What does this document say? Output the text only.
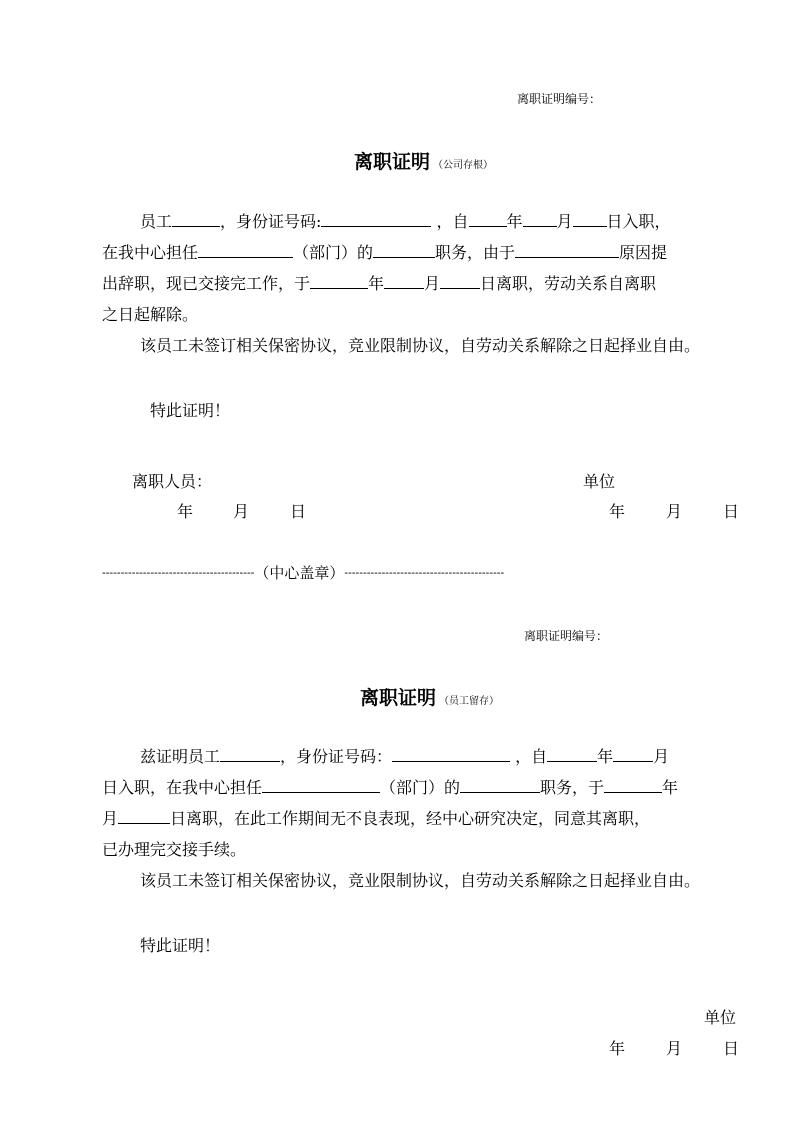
离职证明编号：
离职证明 （公司存根）

员工	，身份证号码:	，自 年 月 日入职，

在我中心担任	（部门）的	职务，由于	原因提

出辞职，现已交接完工作，于	年	月	日离职，劳动关系自离职

之日起解除。

该员工未签订相关保密协议，竞业限制协议，自劳动关系解除之日起择业自由。

特此证明！
离职人员：	单位
年 月	日	年	月	日
----------------------------------------- （中心盖章） -------------------------------------------
离职证明编号：
离职证明 （员工留存）

兹证明员工	，身份证号码：	，自	年	月

日入职，在我中心担任	（部门）的	职务，于	年

月	日离职，在此工作期间无不良表现，经中心研究决定，同意其离职，

已办理完交接手续。

该员工未签订相关保密协议，竞业限制协议，自劳动关系解除之日起择业自由。

特此证明！
单位
年	月	日
